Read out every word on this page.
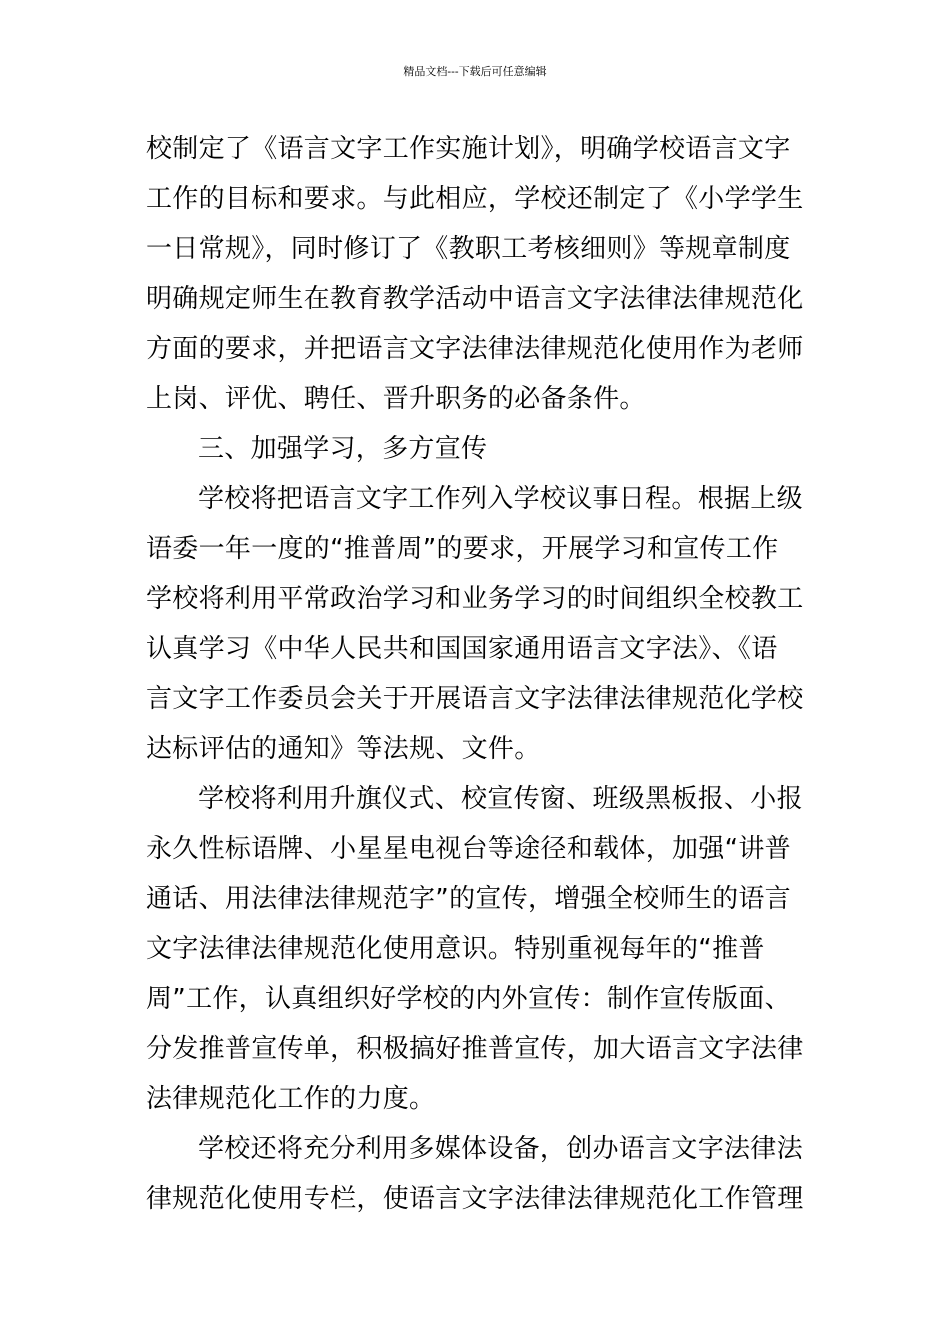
精品文档---下载后可任意编辑
校制定了《语言文字工作实施计划》，明确学校语言文字
工作的目标和要求。与此相应，学校还制定了《小学学生
一日常规》，同时修订了《教职工考核细则》等规章制度
明确规定师生在教育教学活动中语言文字法律法律规范化
方面的要求，并把语言文字法律法律规范化使用作为老师
上岗、评优、聘任、晋升职务的必备条件。
三、加强学习，多方宣传
学校将把语言文字工作列入学校议事日程。根据上级
语委一年一度的“推普周”的要求，开展学习和宣传工作
学校将利用平常政治学习和业务学习的时间组织全校教工
认真学习《中华人民共和国国家通用语言文字法》、《语
言文字工作委员会关于开展语言文字法律法律规范化学校
达标评估的通知》等法规、文件。
学校将利用升旗仪式、校宣传窗、班级黑板报、小报
永久性标语牌、小星星电视台等途径和载体，加强“讲普
通话、用法律法律规范字”的宣传，增强全校师生的语言
文字法律法律规范化使用意识。特别重视每年的“推普
周”工作，认真组织好学校的内外宣传：制作宣传版面、
分发推普宣传单，积极搞好推普宣传，加大语言文字法律
法律规范化工作的力度。
学校还将充分利用多媒体设备，创办语言文字法律法
律规范化使用专栏，使语言文字法律法律规范化工作管理
